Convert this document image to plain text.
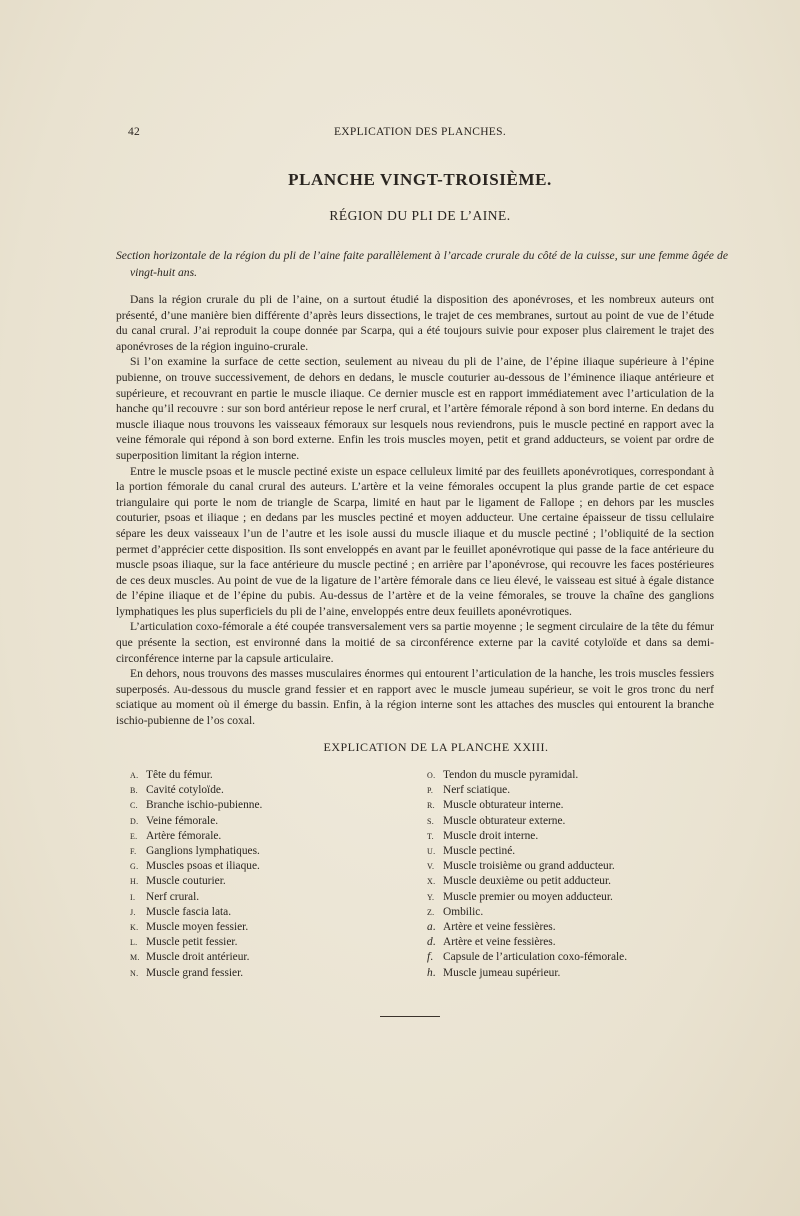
42	EXPLICATION DES PLANCHES.
PLANCHE VINGT-TROISIÈME.
RÉGION DU PLI DE L’AINE.
Section horizontale de la région du pli de l’aine faite parallèlement à l’arcade crurale du côté de la cuisse, sur une femme âgée de vingt-huit ans.

Dans la région crurale du pli de l’aine, on a surtout étudié la disposition des aponévroses, et les nombreux auteurs ont présenté, d’une manière bien différente d’après leurs dissections, le trajet de ces membranes, surtout au point de vue de l’étude du canal crural. J’ai reproduit la coupe donnée par Scarpa, qui a été toujours suivie pour exposer plus clairement le trajet des aponévroses de la région inguino-crurale.

Si l’on examine la surface de cette section, seulement au niveau du pli de l’aine, de l’épine iliaque supérieure à l’épine pubienne, on trouve successivement, de dehors en dedans, le muscle couturier au-dessous de l’éminence iliaque antérieure et supérieure, et recouvrant en partie le muscle iliaque. Ce dernier muscle est en rapport immédiatement avec l’articulation de la hanche qu’il recouvre : sur son bord antérieur repose le nerf crural, et l’artère fémorale répond à son bord interne. En dedans du muscle iliaque nous trouvons les vaisseaux fémoraux sur lesquels nous reviendrons, puis le muscle pectiné en rapport avec la veine fémorale qui répond à son bord externe. Enfin les trois muscles moyen, petit et grand adducteurs, se voient par ordre de superposition limitant la région interne.

Entre le muscle psoas et le muscle pectiné existe un espace celluleux limité par des feuillets aponévrotiques, correspondant à la portion fémorale du canal crural des auteurs. L’artère et la veine fémorales occupent la plus grande partie de cet espace triangulaire qui porte le nom de triangle de Scarpa, limité en haut par le ligament de Fallope ; en dehors par les muscles couturier, psoas et iliaque ; en dedans par les muscles pectiné et moyen adducteur. Une certaine épaisseur de tissu cellulaire sépare les deux vaisseaux l’un de l’autre et les isole aussi du muscle iliaque et du muscle pectiné ; l’obliquité de la section permet d’apprécier cette disposition. Ils sont enveloppés en avant par le feuillet aponévrotique qui passe de la face antérieure du muscle psoas iliaque, sur la face antérieure du muscle pectiné ; en arrière par l’aponévrose, qui recouvre les faces postérieures de ces deux muscles. Au point de vue de la ligature de l’artère fémorale dans ce lieu élevé, le vaisseau est situé à égale distance de l’épine iliaque et de l’épine du pubis. Au-dessus de l’artère et de la veine fémorales, se trouve la chaîne des ganglions lymphatiques les plus superficiels du pli de l’aine, enveloppés entre deux feuillets aponévrotiques.

L’articulation coxo-fémorale a été coupée transversalement vers sa partie moyenne ; le segment circulaire de la tête du fémur que présente la section, est environné dans la moitié de sa circonférence externe par la cavité cotyloïde et dans sa demi-circonférence interne par la capsule articulaire.

En dehors, nous trouvons des masses musculaires énormes qui entourent l’articulation de la hanche, les trois muscles fessiers superposés. Au-dessous du muscle grand fessier et en rapport avec le muscle jumeau supérieur, se voit le gros tronc du nerf sciatique au moment où il émerge du bassin. Enfin, à la région interne sont les attaches des muscles qui entourent la branche ischio-pubienne de l’os coxal.

EXPLICATION DE LA PLANCHE XXIII.
A. Tête du fémur.
B. Cavité cotyloïde.
C. Branche ischio-pubienne.
D. Veine fémorale.
E. Artère fémorale.
F. Ganglions lymphatiques.
G. Muscles psoas et iliaque.
H. Muscle couturier.
I. Nerf crural.
J. Muscle fascia lata.
K. Muscle moyen fessier.
L. Muscle petit fessier.
M. Muscle droit antérieur.
N. Muscle grand fessier.
O. Tendon du muscle pyramidal.
P. Nerf sciatique.
R. Muscle obturateur interne.
S. Muscle obturateur externe.
T. Muscle droit interne.
U. Muscle pectiné.
V. Muscle troisième ou grand adducteur.
X. Muscle deuxième ou petit adducteur.
Y. Muscle premier ou moyen adducteur.
Z. Ombilic.
a. Artère et veine fessières.
d. Artère et veine fessières.
f. Capsule de l’articulation coxo-fémorale.
h. Muscle jumeau supérieur.
